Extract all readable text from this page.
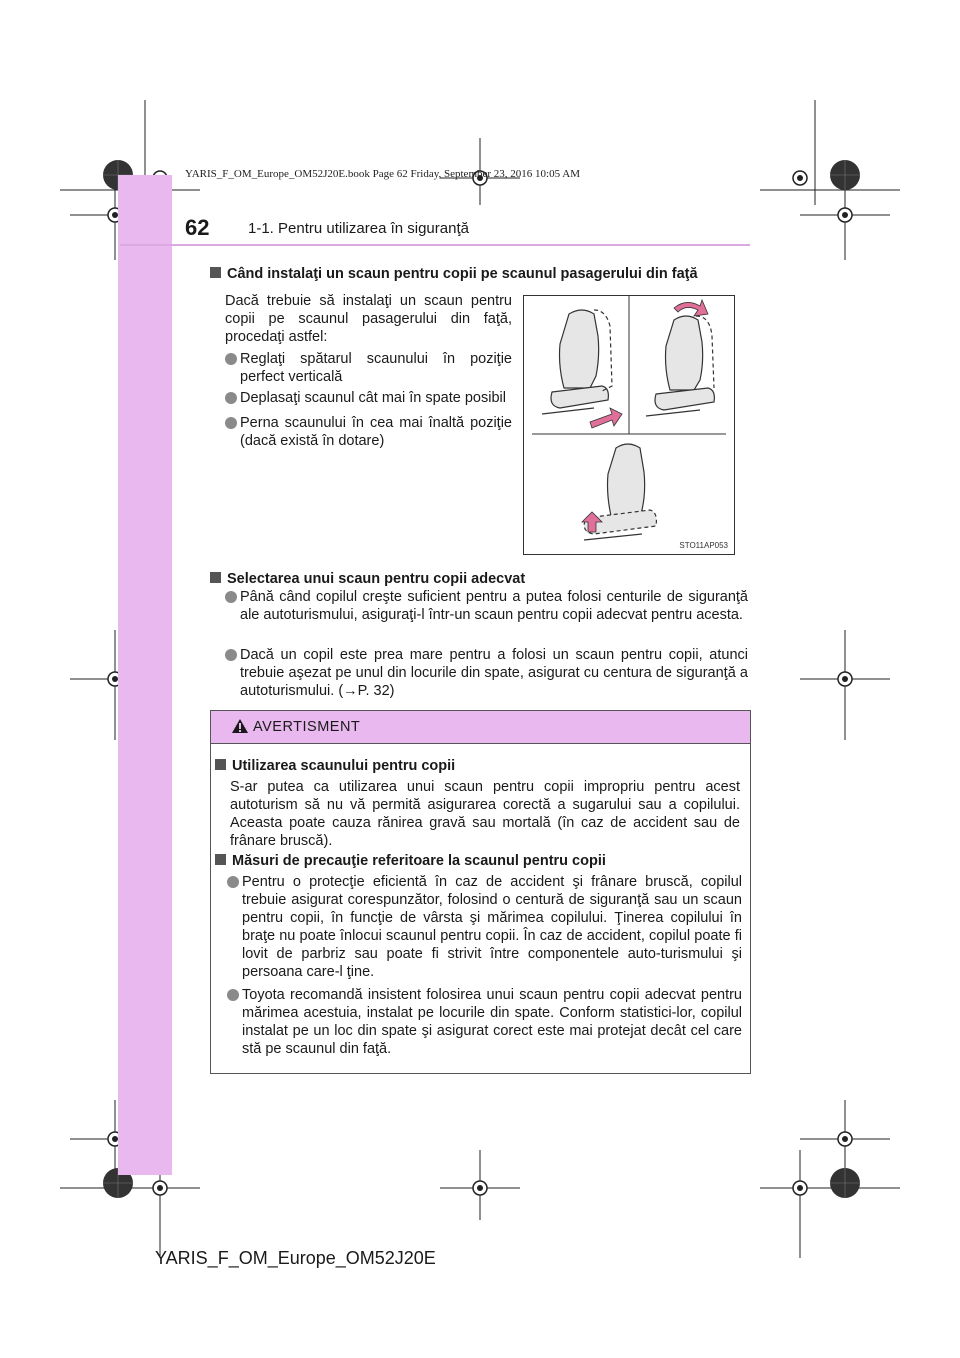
YARIS_F_OM_Europe_OM52J20E.book Page 62 Friday, September 23, 2016 10:05 AM
62	1-1. Pentru utilizarea în siguranţă
Când instalaţi un scaun pentru copii pe scaunul pasagerului din faţă
Dacă trebuie să instalaţi un scaun pentru copii pe scaunul pasagerului din faţă, procedaţi astfel:
Reglaţi spătarul scaunului în poziţie perfect verticală
Deplasaţi scaunul cât mai în spate posibil
Perna scaunului în cea mai înaltă poziţie (dacă există în dotare)
STO11AP053
Selectarea unui scaun pentru copii adecvat
Până când copilul creşte suficient pentru a putea folosi centurile de siguranţă ale autoturismului, asiguraţi-l într-un scaun pentru copii adecvat pentru acesta.
Dacă un copil este prea mare pentru a folosi un scaun pentru copii, atunci trebuie aşezat pe unul din locurile din spate, asigurat cu centura de siguranţă a autoturismului. (→P. 32)
AVERTISMENT
Utilizarea scaunului pentru copii
S-ar putea ca utilizarea unui scaun pentru copii impropriu pentru acest autoturism să nu vă permită asigurarea corectă a sugarului sau a copilului. Aceasta poate cauza rănirea gravă sau mortală (în caz de accident sau de frânare bruscă).
Măsuri de precauţie referitoare la scaunul pentru copii
Pentru o protecţie eficientă în caz de accident şi frânare bruscă, copilul trebuie asigurat corespunzător, folosind o centură de siguranţă sau un scaun pentru copii, în funcţie de vârsta şi mărimea copilului. Ţinerea copilului în braţe nu poate înlocui scaunul pentru copii. În caz de accident, copilul poate fi lovit de parbriz sau poate fi strivit între componentele auto-turismului şi persoana care-l ţine.
Toyota recomandă insistent folosirea unui scaun pentru copii adecvat pentru mărimea acestuia, instalat pe locurile din spate. Conform statistici-lor, copilul instalat pe un loc din spate şi asigurat corect este mai protejat decât cel care stă pe scaunul din faţă.
YARIS_F_OM_Europe_OM52J20E
